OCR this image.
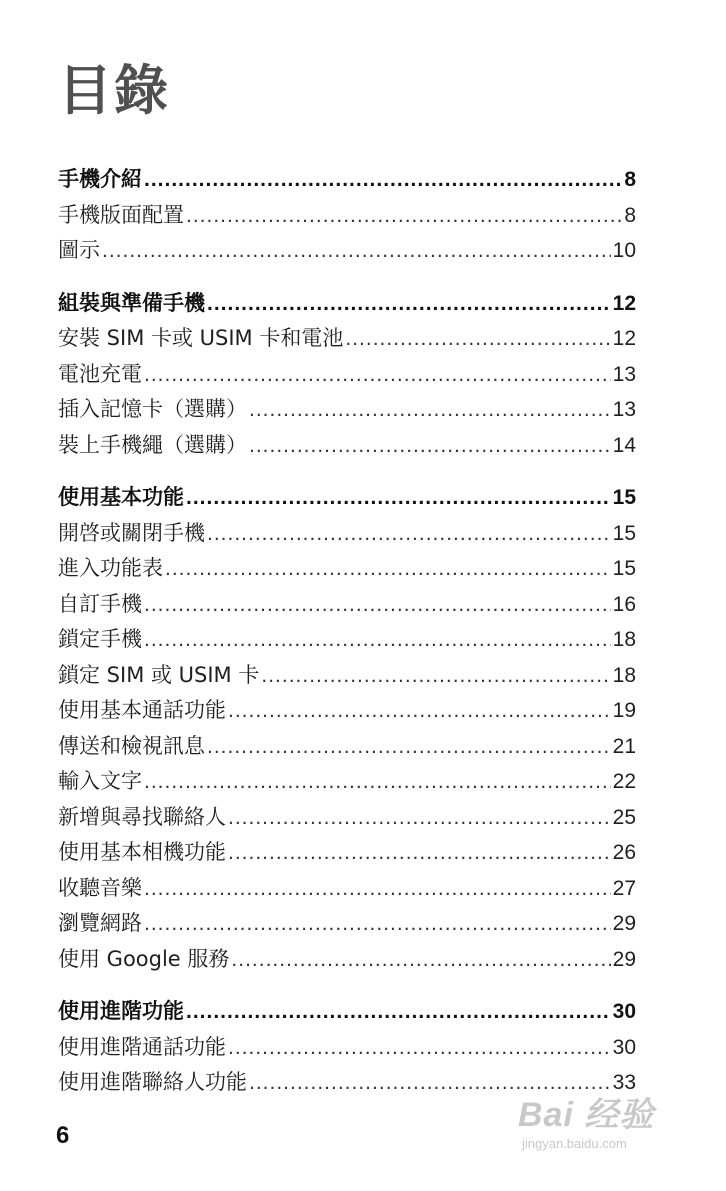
目錄
手機介紹 .....	8
手機版面配置 .....	8
圖示 .....	10
組裝與準備手機 .....	12
安裝 SIM 卡或 USIM 卡和電池 .....	12
電池充電 .....	13
插入記憶卡（選購） .....	13
裝上手機繩（選購） .....	14
使用基本功能 .....	15
開啓或關閉手機 .....	15
進入功能表 .....	15
自訂手機 .....	16
鎖定手機 .....	18
鎖定 SIM 或 USIM 卡 .....	18
使用基本通話功能 .....	19
傳送和檢視訊息 .....	21
輸入文字 .....	22
新增與尋找聯絡人 .....	25
使用基本相機功能 .....	26
收聽音樂 .....	27
瀏覽網路 .....	29
使用 Google 服務 .....	29
使用進階功能 .....	30
使用進階通話功能 .....	30
使用進階聯絡人功能 .....	33
6
Bai 经验
jingyan.baidu.com
